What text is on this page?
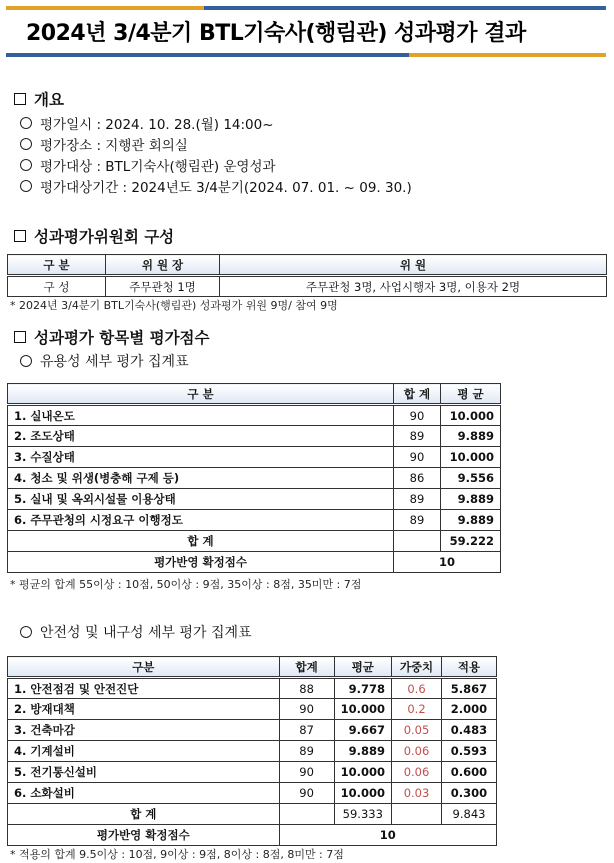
2024년 3/4분기 BTL기숙사(행림관) 성과평가 결과
개요
평가일시 : 2024. 10. 28.(월) 14:00~
평가장소 : 지행관 회의실
평가대상 : BTL기숙사(행림관) 운영성과
평가대상기간 : 2024년도 3/4분기(2024. 07. 01. ~ 09. 30.)
성과평가위원회 구성
구 분	위 원 장	위 원
구 성	주무관청 1명	주무관청 3명, 사업시행자 3명, 이용자 2명
* 2024년 3/4분기 BTL기숙사(행림관) 성과평가 위원 9명/ 참여 9명
성과평가 항목별 평가점수
유용성 세부 평가 집계표
구 분	합 계	평 균
1. 실내온도	90	10.000
2. 조도상태	89	9.889
3. 수질상태	90	10.000
4. 청소 및 위생(병충해 구제 등)	86	9.556
5. 실내 및 옥외시설물 이용상태	89	9.889
6. 주무관청의 시정요구 이행정도	89	9.889
합 계		59.222
평가반영 확정점수	10	
* 평균의 합계 55이상 : 10점, 50이상 : 9점, 35이상 : 8점, 35미만 : 7점
안전성 및 내구성 세부 평가 집계표
구분	합계	평균	가중치	적용
1. 안전점검 및 안전진단	88	9.778	0.6	5.867
2. 방재대책	90	10.000	0.2	2.000
3. 건축마감	87	9.667	0.05	0.483
4. 기계설비	89	9.889	0.06	0.593
5. 전기통신설비	90	10.000	0.06	0.600
6. 소화설비	90	10.000	0.03	0.300
합 계		59.333		9.843
평가반영 확정점수	10			
* 적용의 합계 9.5이상 : 10점, 9이상 : 9점, 8이상 : 8점, 8미만 : 7점
